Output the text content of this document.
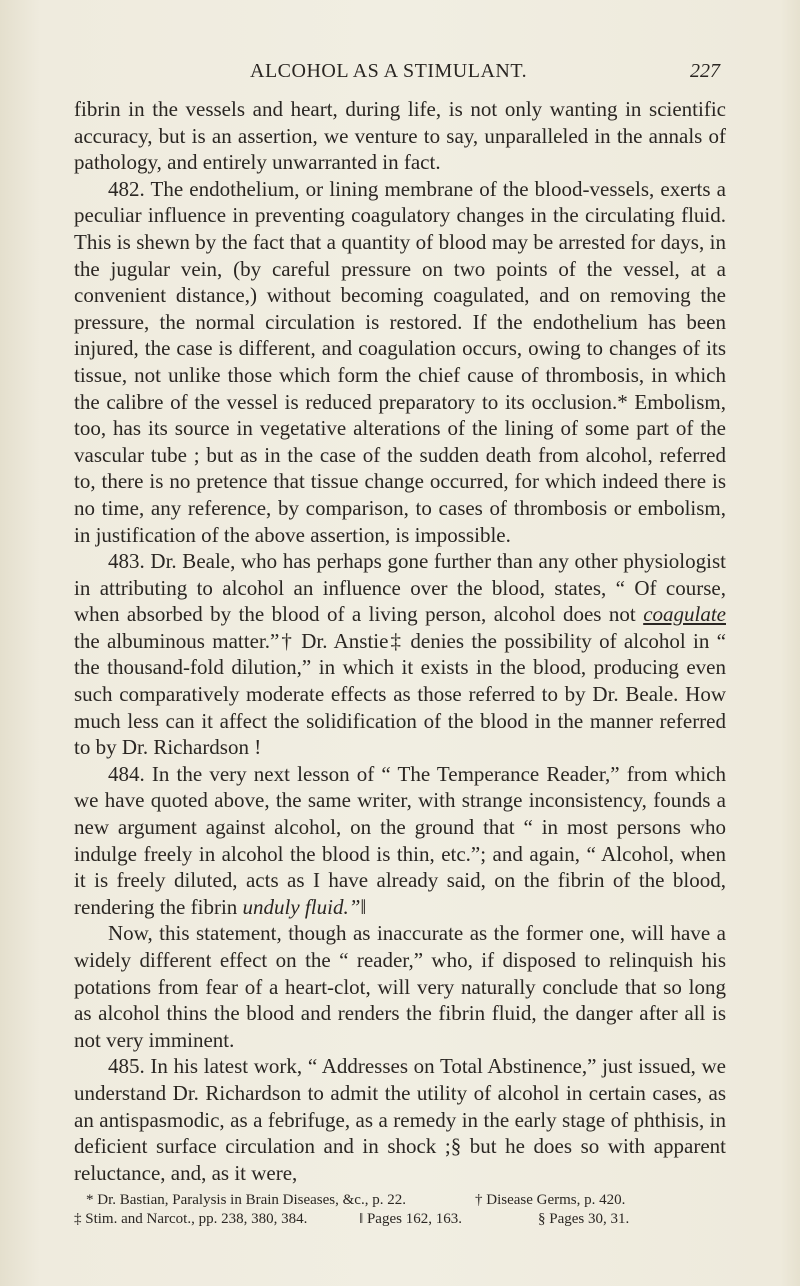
ALCOHOL AS A STIMULANT.	227

fibrin in the vessels and heart, during life, is not only wanting in scientific accuracy, but is an assertion, we venture to say, unparalleled in the annals of pathology, and entirely unwarranted in fact.

482. The endothelium, or lining membrane of the blood-vessels, exerts a peculiar influence in preventing coagulatory changes in the circulating fluid. This is shewn by the fact that a quantity of blood may be arrested for days, in the jugular vein, (by careful pressure on two points of the vessel, at a convenient distance,) without becoming coagulated, and on removing the pressure, the normal circulation is restored. If the endothelium has been injured, the case is different, and coagulation occurs, owing to changes of its tissue, not unlike those which form the chief cause of thrombosis, in which the calibre of the vessel is reduced preparatory to its occlusion.* Embolism, too, has its source in vegetative alterations of the lining of some part of the vascular tube ; but as in the case of the sudden death from alcohol, referred to, there is no pretence that tissue change occurred, for which indeed there is no time, any reference, by comparison, to cases of thrombosis or embolism, in justification of the above assertion, is impossible.

483. Dr. Beale, who has perhaps gone further than any other physiologist in attributing to alcohol an influence over the blood, states, “ Of course, when absorbed by the blood of a living person, alcohol does not coagulate the albuminous matter.”† Dr. Anstie‡ denies the possibility of alcohol in “ the thousand-fold dilution,” in which it exists in the blood, producing even such comparatively moderate effects as those referred to by Dr. Beale. How much less can it affect the solidification of the blood in the manner referred to by Dr. Richardson !

484. In the very next lesson of “ The Temperance Reader,” from which we have quoted above, the same writer, with strange inconsistency, founds a new argument against alcohol, on the ground that “ in most persons who indulge freely in alcohol the blood is thin, etc.”; and again, “ Alcohol, when it is freely diluted, acts as I have already said, on the fibrin of the blood, rendering the fibrin unduly fluid.”‖

Now, this statement, though as inaccurate as the former one, will have a widely different effect on the “ reader,” who, if disposed to relinquish his potations from fear of a heart-clot, will very naturally conclude that so long as alcohol thins the blood and renders the fibrin fluid, the danger after all is not very imminent.

485. In his latest work, “ Addresses on Total Abstinence,” just issued, we understand Dr. Richardson to admit the utility of alcohol in certain cases, as an antispasmodic, as a febrifuge, as a remedy in the early stage of phthisis, in deficient surface circulation and in shock ;§ but he does so with apparent reluctance, and, as it were,

* Dr. Bastian, Paralysis in Brain Diseases, &c., p. 22.	† Disease Germs, p. 420.
‡ Stim. and Narcot., pp. 238, 380, 384.	‖ Pages 162, 163.	§ Pages 30, 31.
